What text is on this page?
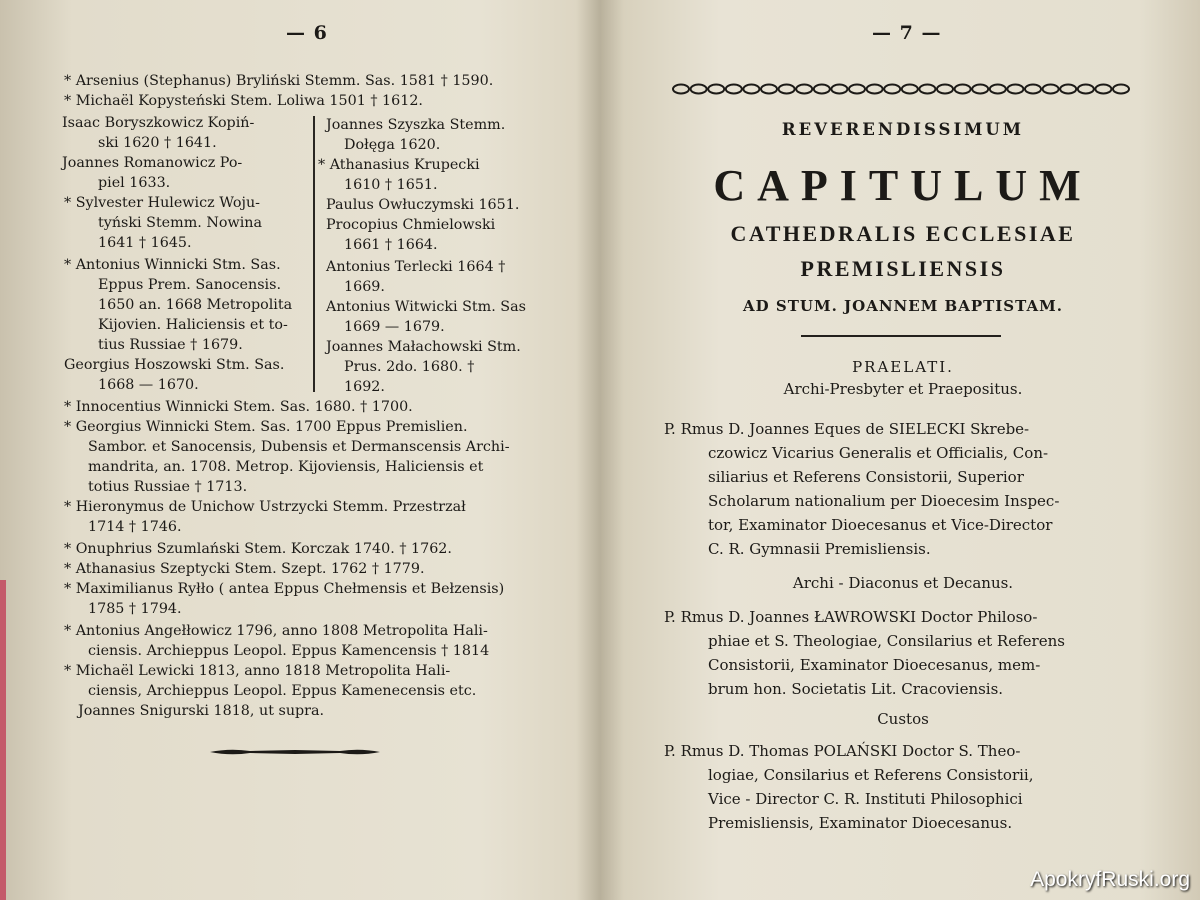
— 6
* Arsenius (Stephanus) Bryliński Stemm. Sas. 1581 † 1590.
* Michaël Kopysteński Stem. Loliwa 1501 † 1612.
Isaac Boryszkowicz Kopiń-
ski 1620 † 1641.
Joannes Romanowicz Po-
piel 1633.
* Sylvester Hulewicz Woju-
tyński Stemm. Nowina
1641 † 1645.
* Antonius Winnicki Stm. Sas.
Eppus Prem. Sanocensis.
1650 an. 1668 Metropolita
Kijovien. Haliciensis et to-
tius Russiae † 1679.
Georgius Hoszowski Stm. Sas.
1668 — 1670.
Joannes Szyszka Stemm.
Dołęga 1620.
* Athanasius Krupecki
1610 † 1651.
Paulus Owłuczymski 1651.
Procopius Chmielowski
1661 † 1664.
Antonius Terlecki 1664 †
1669.
Antonius Witwicki Stm. Sas
1669 — 1679.
Joannes Małachowski Stm.
Prus. 2do. 1680. †
1692.
* Innocentius Winnicki Stem. Sas. 1680. † 1700.
* Georgius Winnicki Stem. Sas. 1700 Eppus Premislien.
Sambor. et Sanocensis, Dubensis et Dermanscensis Archi-
mandrita, an. 1708. Metrop. Kijoviensis, Haliciensis et
totius Russiae † 1713.
* Hieronymus de Unichow Ustrzycki Stemm. Przestrzał
1714 † 1746.
* Onuphrius Szumlański Stem. Korczak 1740. † 1762.
* Athanasius Szeptycki Stem. Szept. 1762 † 1779.
* Maximilianus Ryłło ( antea Eppus Chełmensis et Bełzensis)
1785 † 1794.
* Antonius Angełłowicz 1796, anno 1808 Metropolita Hali-
ciensis. Archieppus Leopol. Eppus Kamencensis † 1814
* Michaël Lewicki 1813, anno 1818 Metropolita Hali-
ciensis, Archieppus Leopol. Eppus Kamenecensis etc.
Joannes Snigurski 1818, ut supra.
— 7 —
REVERENDISSIMUM
CAPITULUM
CATHEDRALIS ECCLESIAE
PREMISLIENSIS
AD STUM. JOANNEM BAPTISTAM.
PRAELATI.
Archi-Presbyter et Praepositus.
P. Rmus D. Joannes Eques de SIELECKI Skrebe-
czowicz Vicarius Generalis et Officialis, Con-
siliarius et Referens Consistorii, Superior
Scholarum nationalium per Dioecesim Inspec-
tor, Examinator Dioecesanus et Vice-Director
C. R. Gymnasii Premisliensis.
Archi - Diaconus et Decanus.
P. Rmus D. Joannes ŁAWROWSKI Doctor Philoso-
phiae et S. Theologiae, Consilarius et Referens
Consistorii, Examinator Dioecesanus, mem-
brum hon. Societatis Lit. Cracoviensis.
Custos
P. Rmus D. Thomas POLAŃSKI Doctor S. Theo-
logiae, Consilarius et Referens Consistorii,
Vice - Director C. R. Instituti Philosophici
Premisliensis, Examinator Dioecesanus.
ApokryfRuski.org
